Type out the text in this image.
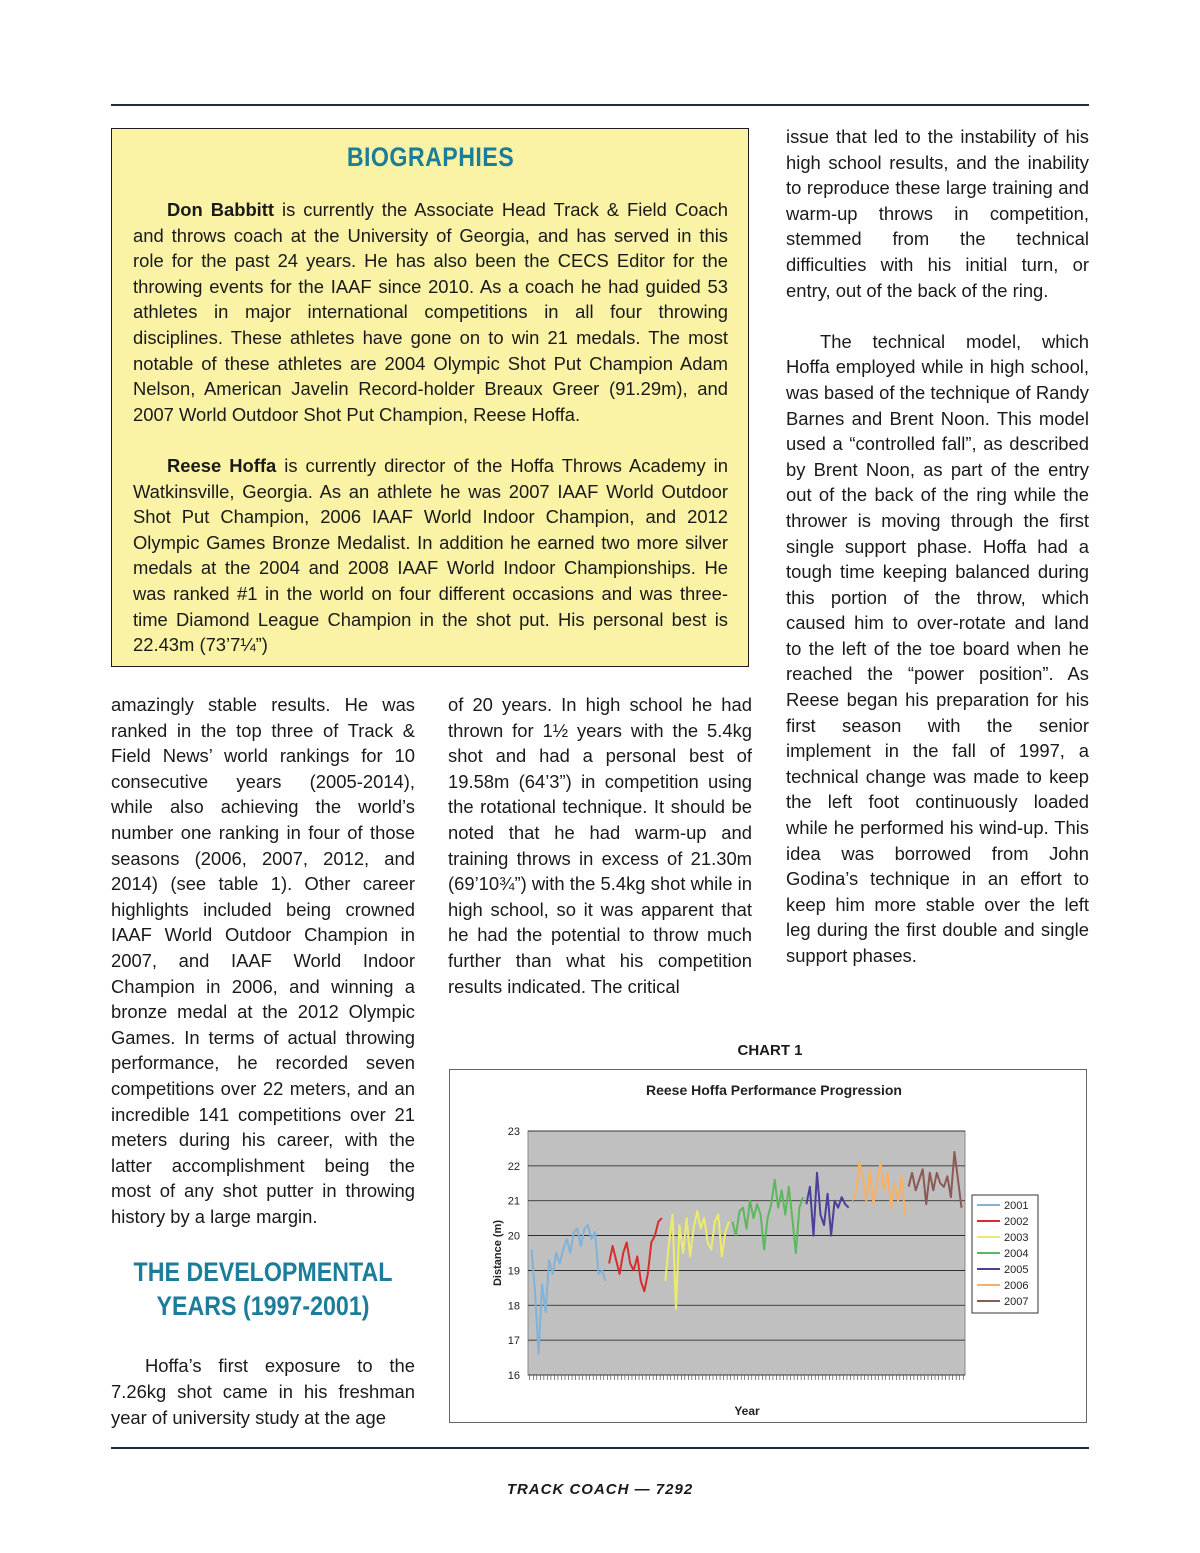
BIOGRAPHIES

Don Babbitt is currently the Associate Head Track & Field Coach and throws coach at the University of Georgia, and has served in this role for the past 24 years. He has also been the CECS Editor for the throwing events for the IAAF since 2010. As a coach he had guided 53 athletes in major international competitions in all four throwing disciplines. These athletes have gone on to win 21 medals. The most notable of these athletes are 2004 Olympic Shot Put Champion Adam Nelson, American Javelin Record-holder Breaux Greer (91.29m), and 2007 World Outdoor Shot Put Champion, Reese Hoffa.

Reese Hoffa is currently director of the Hoffa Throws Academy in Watkinsville, Georgia. As an athlete he was 2007 IAAF World Outdoor Shot Put Champion, 2006 IAAF World Indoor Champion, and 2012 Olympic Games Bronze Medalist. In addition he earned two more silver medals at the 2004 and 2008 IAAF World Indoor Championships. He was ranked #1 in the world on four different occasions and was three-time Diamond League Champion in the shot put. His personal best is 22.43m (73’7¼”)

amazingly stable results. He was ranked in the top three of Track & Field News’ world rankings for 10 consecutive years (2005-2014), while also achieving the world’s number one ranking in four of those seasons (2006, 2007, 2012, and 2014) (see table 1). Other career highlights included being crowned IAAF World Outdoor Champion in 2007, and IAAF World Indoor Champion in 2006, and winning a bronze medal at the 2012 Olympic Games. In terms of actual throwing performance, he recorded seven competitions over 22 meters, and an incredible 141 competitions over 21 meters during his career, with the latter accomplishment being the most of any shot putter in throwing history by a large margin.

THE DEVELOPMENTAL
YEARS (1997-2001)

Hoffa’s first exposure to the 7.26kg shot came in his freshman year of university study at the age

of 20 years. In high school he had thrown for 1½ years with the 5.4kg shot and had a personal best of 19.58m (64’3”) in competition using the rotational technique. It should be noted that he had warm-up and training throws in excess of 21.30m (69’10¾”) with the 5.4kg shot while in high school, so it was apparent that he had the potential to throw much further than what his competition results indicated. The critical

issue that led to the instability of his high school results, and the inability to reproduce these large training and warm-up throws in competition, stemmed from the technical difficulties with his initial turn, or entry, out of the back of the ring.

The technical model, which Hoffa employed while in high school, was based of the technique of Randy Barnes and Brent Noon. This model used a “controlled fall”, as described by Brent Noon, as part of the entry out of the back of the ring while the thrower is moving through the first single support phase. Hoffa had a tough time keeping balanced during this portion of the throw, which caused him to over-rotate and land to the left of the toe board when he reached the “power position”. As Reese began his preparation for his first season with the senior implement in the fall of 1997, a technical change was made to keep the left foot continuously loaded while he performed his wind-up. This idea was borrowed from John Godina’s technique in an effort to keep him more stable over the left leg during the first double and single support phases.

CHART 1
Reese Hoffa Performance Progression
16
17
18
19
20
21
22
23
Distance (m)
Year
2001
2002
2003
2004
2005
2006
2007
TRACK COACH — 7292
